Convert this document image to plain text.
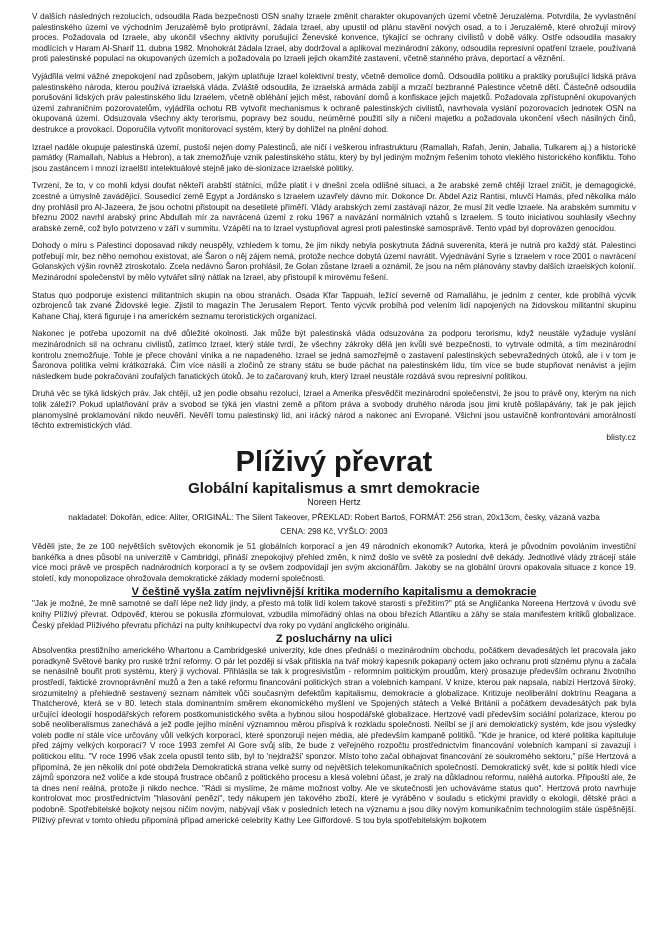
V dalších následných rezolucích, odsoudila Rada bezpečnosti OSN snahy Izraele změnit charakter okupovaných území včetně Jeruzaléma. Potvrdila, že vyvlastnění palestinského území ve východním Jeruzalémě bylo protiprávní, žádala Izrael, aby upustil od plánu stavění nových osad, a to i Jeruzalémě, které ohrožují mírový proces. Požadovala od Izraele, aby ukončil všechny aktivity porušující Ženevské konvence, týkající se ochrany civilistů v době války. Ostře odsoudila masakry modlících v Haram Al-Sharif 11. dubna 1982. Mnohokrát žádala Izrael, aby dodržoval a aplikoval mezinárodní zákony, odsoudila represivní opatření Izraele, používaná proti palestinské populaci na okupovaných územích a požadovala po Izraeli jejich okamžité zastavení, včetně stanného práva, deportací a věznění.

Vyjádřila velmi vážné znepokojení nad způsobem, jakým uplatňuje Izrael kolektivní tresty, včetně demolice domů. Odsoudila politiku a praktiky porušující lidská práva palestinského národa, kterou používá izraelská vláda. Zvláště odsoudila, že izraelská armáda zabíjí a mrzačí bezbranné Palestince včetně dětí. Částečně odsoudila porušování lidských práv palestinského lidu Izraelem, včetně obléhání jejich měst, rabování domů a konfiskace jejich majetků. Požadovala zpřístupnění okupovaných území zahraničním pozorovatelům, vyjádřila ochotu RB vytvořit mechanismus k ochraně palestinských civilistů, navrhovala vyslání pozorovacích jednotek OSN na okupovaná území. Odsuzovala všechny akty terorismu, popravy bez soudu, neúměrné použití síly a ničení majetku a požadovala ukončení všech násilných činů, destrukce a provokací. Doporučila vytvořit monitorovací systém, který by dohlížel na plnění dohod.

Izrael nadále okupuje palestinská území, pustoší nejen domy Palestinců, ale ničí i veškerou infrastrukturu (Ramallah, Rafah, Jenin, Jabalia, Tulkarem aj.) a historické památky (Ramallah, Nablus a Hebron), a tak znemožňuje vznik palestinského státu, který by byl jediným možným řešením tohoto vleklého historického konfliktu. Toho jsou zastáncem i mnozí izraelští intelektuálové stejně jako de-sionizace izraelské politiky.

Tvrzení, že to, v co mohli kdysi doufat někteří arabští státníci, může platit i v dnešní zcela odlišné situaci, a že arabské země chtějí Izrael zničit, je demagogické, zcestné a úmyslně zavádějící. Sousedící země Egypt a Jordánsko s Izraelem uzavřely dávno mír. Dokonce Dr. Abdel Aziz Rantisi, mluvčí Hamás, před několika málo dny prohlásil pro Al-Jazeera, že jsou ochotni přistoupit na desetileté příměří. Vlády arabských zemí zastávají názor, že musí žít vedle Izraele. Na arabském summitu v březnu 2002 navrhl arabský princ Abdullah mír za navrácená území z roku 1967 a navázání normálních vztahů s Izraelem. S touto iniciativou souhlasily všechny arabské země, což bylo potvrzeno v září v summitu. Vzápětí na to Izrael vystupňoval agresi proti palestinské samosprávě. Tento vpád byl doprovázen genocidou.

Dohody o míru s Palestinci doposavad nikdy neuspěly, vzhledem k tomu, že jim nikdy nebyla poskytnuta žádná suverenita, která je nutná pro každý stát. Palestinci potřebují mír, bez něho nemohou existovat, ale Šaron o něj zájem nemá, protože nechce dobytá území navrátit. Vyjednávání Syrie s Izraelem v roce 2001 o navrácení Golanských výšin rovněž ztroskotalo. Zcela nedávno Šaron prohlásil, že Golan zůstane Izraeli a oznámil, že jsou na něm plánovány stavby dalších izraelských kolonií. Mezinárodní společenství by mělo vytvářet silný nátlak na Izrael, aby přistoupil k mírovému řešení.

Status quo podporuje existenci militantních skupin na obou stranách. Osada Kfar Tappuah, ležící severně od Ramalláhu, je jedním z center, kde probíhá výcvik ozbrojenců tak zvané Židovské legie. Zjistil to magazín The Jerusalem Report. Tento výcvik probíhá pod velením lidí napojených na židovskou militantní skupinu Kahane Chaj, která figuruje i na americkém seznamu teroristických organizací.

Nakonec je potřeba upozornit na dvě důležité okolnosti. Jak může být palestinská vláda odsuzována za podporu terorismu, když neustále vyžaduje vyslání mezinárodních sil na ochranu civilistů, zatímco Izrael, který stále tvrdí, že všechny zákroky dělá jen kvůli své bezpečnosti, to vytrvale odmítá, a tím mezinárodní kontrolu znemožňuje. Tohle je přece chování viníka a ne napadeného. Izrael se jedná samozřejmě o zastavení palestinských sebevražedných útoků, ale i v tom je Šaronova politika velmi krátkozraká. Čím více násilí a zločinů ze strany státu se bude páchat na palestinském lidu, tím více se bude stupňovat nenávist a jejím následkem bude pokračování zoufalých fanatických útoků. Je to začarovaný kruh, který Izrael neustále rozdává svou represivní politikou.

Druhá věc se týká lidských práv. Jak chtějí, už jen podle obsahu rezolucí, Izrael a Amerika přesvědčit mezinárodní společenství, že jsou to právě ony, kterým na nich tolik záleží? Pokud uplatňování práv a svobod se týká jen vlastní země a přitom práva a svobody druhého národa jsou jimi krutě pošlapávány, tak je pak jejich planomyslné proklamování nikdo neuvěří. Nevěří tomu palestinský lid, ani irácký národ a nakonec ani Evropané. Všichni jsou ustavičně konfrontováni amorálností těchto extremistických vlád.

blisty.cz
Plíživý převrat
Globální kapitalismus a smrt demokracie
Noreen Hertz
nakladatel: Dokořán, edice: Aliter, ORIGINÁL: The Silent Takeover, PŘEKLAD: Robert Bartoš, FORMÁT: 256 stran, 20x13cm, česky, vázaná vazba
CENA: 298 Kč, VYŠLO: 2003

Věděli jste, že ze 100 největších světových ekonomik je 51 globálních korporací a jen 49 národních ekonomik? Autorka, která je původním povoláním investiční bankéřka a dnes působí na univerzitě v Cambridgi, přináší znepokojivý přehled změn, k nimž došlo ve světě za poslední dvě dekády. Jednotlivé vlády ztrácejí stále více moci právě ve prospěch nadnárodních korporací a ty se ovšem zodpovídají jen svým akcionářům. Jakoby se na globální úrovni opakovala situace z konce 19. století, kdy monopolizace ohrožovala demokratické základy moderní společnosti.

V češtině vyšla zatím nejvlivnější kritika moderního kapitalismu a demokracie

"Jak je možné, že mně samotné se daří lépe než lidy jindy, a přesto má tolik lidí kolem takové starosti s přežitím?" ptá se Angličanka Noreena Hertzová v úvodu své knihy Plíživý převrat. Odpověď, kterou se pokusila zformulovat, vzbudila mimořádný ohlas na obou březích Atlantiku a záhy se stala manifestem kritiků globalizace. Český překlad Plíživého převratu přichází na pulty knihkupectví dva roky po vydání anglického originálu.

Z posluchárny na ulici

Absolventka prestižního amerického Whartonu a Cambridgeské univerzity, kde dnes přednáší o mezinárodním obchodu, počátkem devadesátých let pracovala jako poradkyně Světové banky pro ruské tržní reformy. O pár let později si však přitiskla na tvář mokrý kapesník pokapaný octem jako ochranu proti slznému plynu a začala se nenásilně bouřit proti systému, který ji vychoval. Přihlásila se tak k progresivistům - reformním politickým proudům, který prosazuje především ochranu životního prostředí, faktické zrovnoprávnění mužů a žen a také reformu financování politických stran a volebních kampaní. V knize, kterou pak napsala, nabízí Hertzová široký, srozumitelný a přehledně sestavený seznam námitek vůči současným defektům kapitalismu, demokracie a globalizace. Kritizuje neoliberální doktrínu Reagana a Thatcherové, která se v 80. letech stala dominantním směrem ekonomického myšlení ve Spojených státech a Velké Británii a počátkem devadesátých pak byla určující ideologií hospodářských reforem postkomunistického světa a hybnou silou hospodářské globalizace. Hertzové vadí především sociální polarizace, kterou po sobě neoliberalismus zanechává a jež podle jejího mínění významnou měrou přispívá k rozkladu společnosti. Neílbí se jí ani demokratický systém, kde jsou výsledky voleb podle ní stále více určovány vůlí velkých korporací, které sponzorují nejen média, ale především kampaně politiků. "Kde je hranice, od které politika kapituluje před zájmy velkých korporací? V roce 1993 zemřel Al Gore svůj slib, že bude z veřejného rozpočtu prostřednictvím financování volebních kampaní si zavazují i politickou elitu. "V roce 1996 však zcela opustil tento slib, byl to 'nejdražší' sponzor. Místo toho začal obhajovat financování ze soukromého sektoru," píše Hertzová a připomíná, že jen několik dní poté obdržela Demokratická strana velké sumy od největších telekomunikačních společností. Demokratický svět, kde si politik hledí více zájmů sponzora než voliče a kde stoupá frustrace občanů z politického procesu a klesá volební účast, je zralý na důkladnou reformu, naléhá autorka. Připouští ale, že ta dnes není reálná, protože ji nikdo nechce. "Rádi si myslíme, že máme možnost volby. Ale ve skutečnosti jen uchováváme status quo". Hertzová proto navrhuje kontrolovat moc prostřednictvím "hlasování penězi", tedy nákupem jen takového zboží, které je vyráběno v souladu s etickými pravidly o ekologii, dětské práci a podobně. Spotřebitelské bojkoty nejsou ničím novým, nabývají však v posledních letech na významu a jsou díky novým komunikačním technologiím stále úspěšnější. Plíživý převrat v tomto ohledu připomíná případ americké celebrity Kathy Lee Giffordové. S tou byla spotřebitelským bojkotem
